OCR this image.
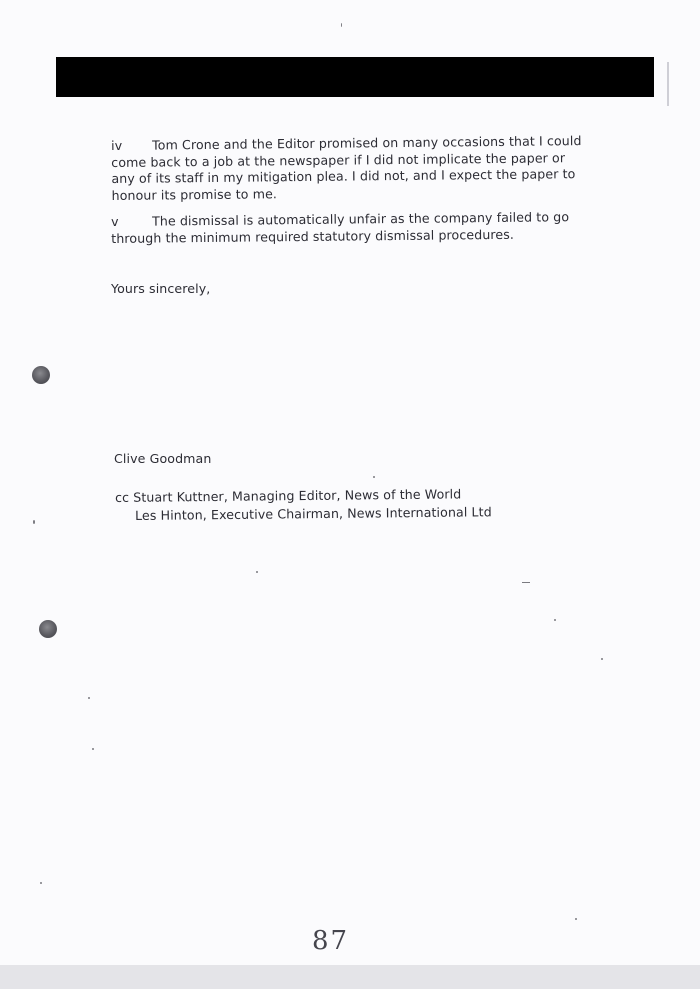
iv Tom Crone and the Editor promised on many occasions that I could come back to a job at the newspaper if I did not implicate the paper or any of its staff in my mitigation plea. I did not, and I expect the paper to honour its promise to me.
v	The dismissal is automatically unfair as the company failed to go through the minimum required statutory dismissal procedures.
Yours sincerely,
Clive Goodman
cc Stuart Kuttner, Managing Editor, News of the World
Les Hinton, Executive Chairman, News International Ltd
87
